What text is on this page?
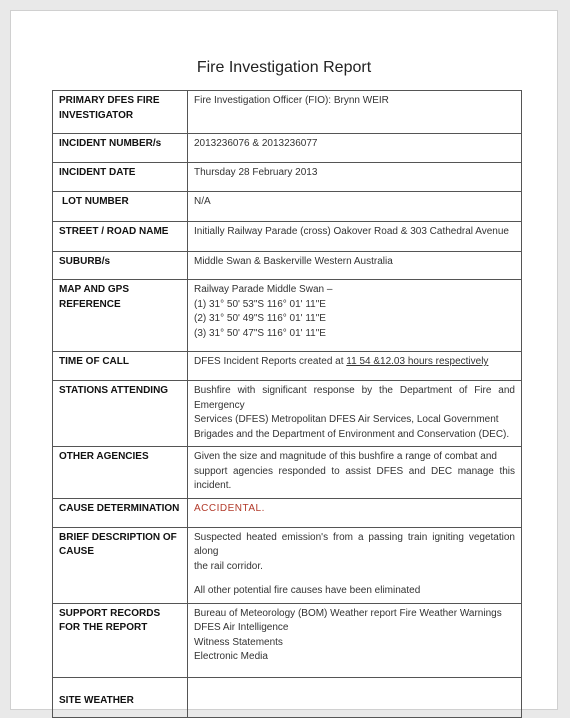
Fire Investigation Report
PRIMARY DFES FIRE
INVESTIGATOR	Fire Investigation Officer (FIO): Brynn WEIR

INCIDENT NUMBER/s	2013236076 & 2013236077

INCIDENT DATE	Thursday 28 February 2013

LOT NUMBER	N/A

STREET / ROAD NAME	Initially Railway Parade (cross) Oakover Road & 303 Cathedral Avenue

SUBURB/s	Middle Swan & Baskerville Western Australia

MAP AND GPS
REFERENCE	Railway Parade Middle Swan –
(1) 31° 50' 53"S 116° 01' 11"E
(2) 31° 50' 49"S 116° 01' 11"E
(3) 31° 50' 47"S 116° 01' 11"E

TIME OF CALL	DFES Incident Reports created at 11 54 &12.03 hours respectively

STATIONS ATTENDING	Bushfire with significant response by the Department of Fire and Emergency
Services (DFES) Metropolitan DFES Air Services, Local Government
Brigades and the Department of Environment and Conservation (DEC).

OTHER AGENCIES	Given the size and magnitude of this bushfire a range of combat and
support agencies responded to assist DFES and DEC manage this incident.

CAUSE DETERMINATION	ACCIDENTAL.

BRIEF DESCRIPTION OF
CAUSE	Suspected heated emission's from a passing train igniting vegetation along
the rail corridor.
All other potential fire causes have been eliminated

SUPPORT RECORDS
FOR THE REPORT	Bureau of Meteorology (BOM) Weather report Fire Weather Warnings
DFES Air Intelligence
Witness Statements
Electronic Media

SITE WEATHER	
